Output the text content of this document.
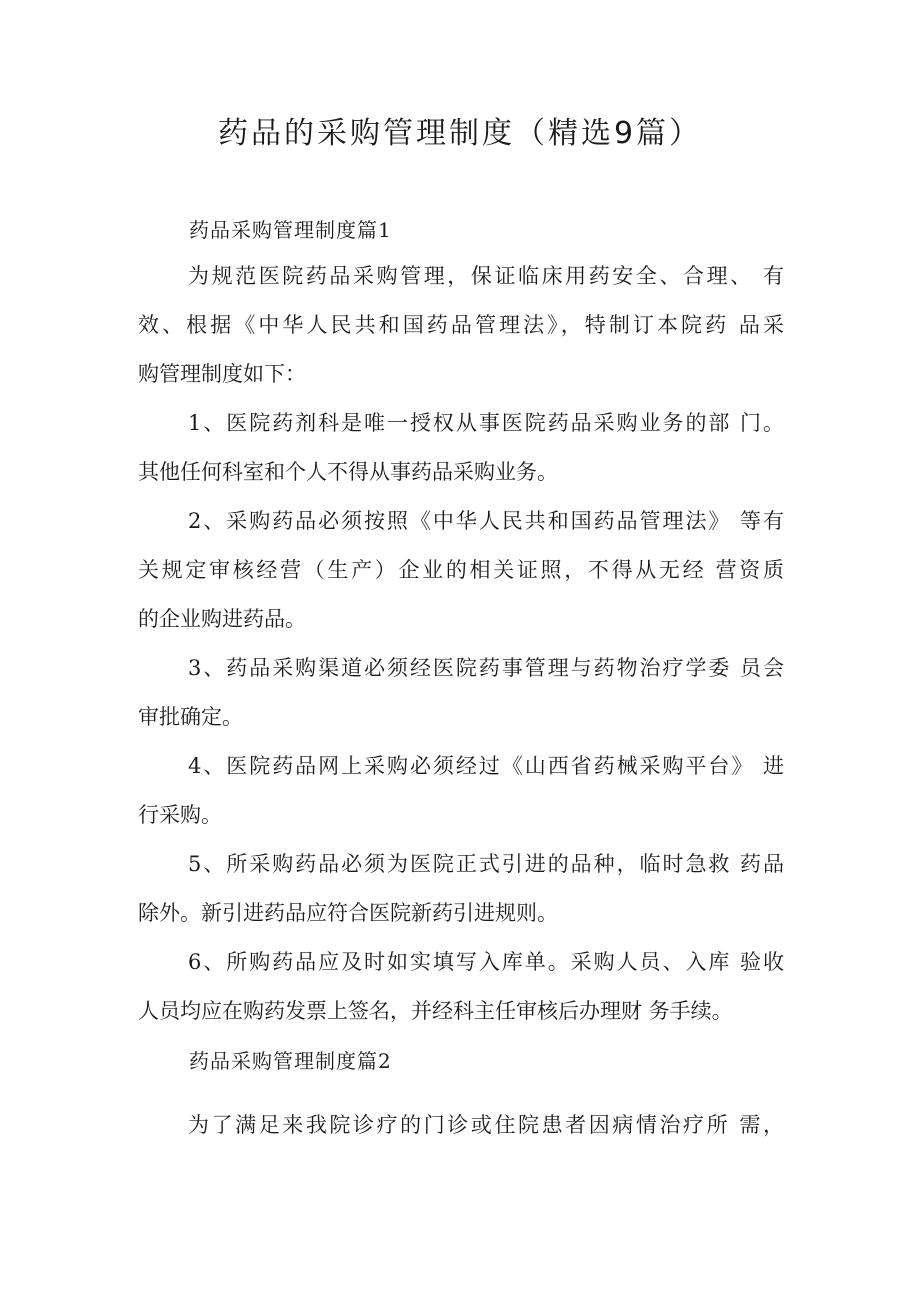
药品的采购管理制度（精选9篇）
药品采购管理制度篇1

为规范医院药品采购管理，保证临床用药安全、合理、 有
效、根据《中华人民共和国药品管理法》，特制订本院药 品采
购管理制度如下：

1、医院药剂科是唯一授权从事医院药品采购业务的部 门。
其他任何科室和个人不得从事药品采购业务。

2、采购药品必须按照《中华人民共和国药品管理法》 等有
关规定审核经营（生产）企业的相关证照，不得从无经 营资质
的企业购进药品。

3、药品采购渠道必须经医院药事管理与药物治疗学委 员会
审批确定。

4、医院药品网上采购必须经过《山西省药械采购平台》 进
行采购。

5、所采购药品必须为医院正式引进的品种，临时急救 药品
除外。新引进药品应符合医院新药引进规则。

6、所购药品应及时如实填写入库单。采购人员、入库 验收
人员均应在购药发票上签名，并经科主任审核后办理财 务手续。

药品采购管理制度篇2

为了满足来我院诊疗的门诊或住院患者因病情治疗所 需，
